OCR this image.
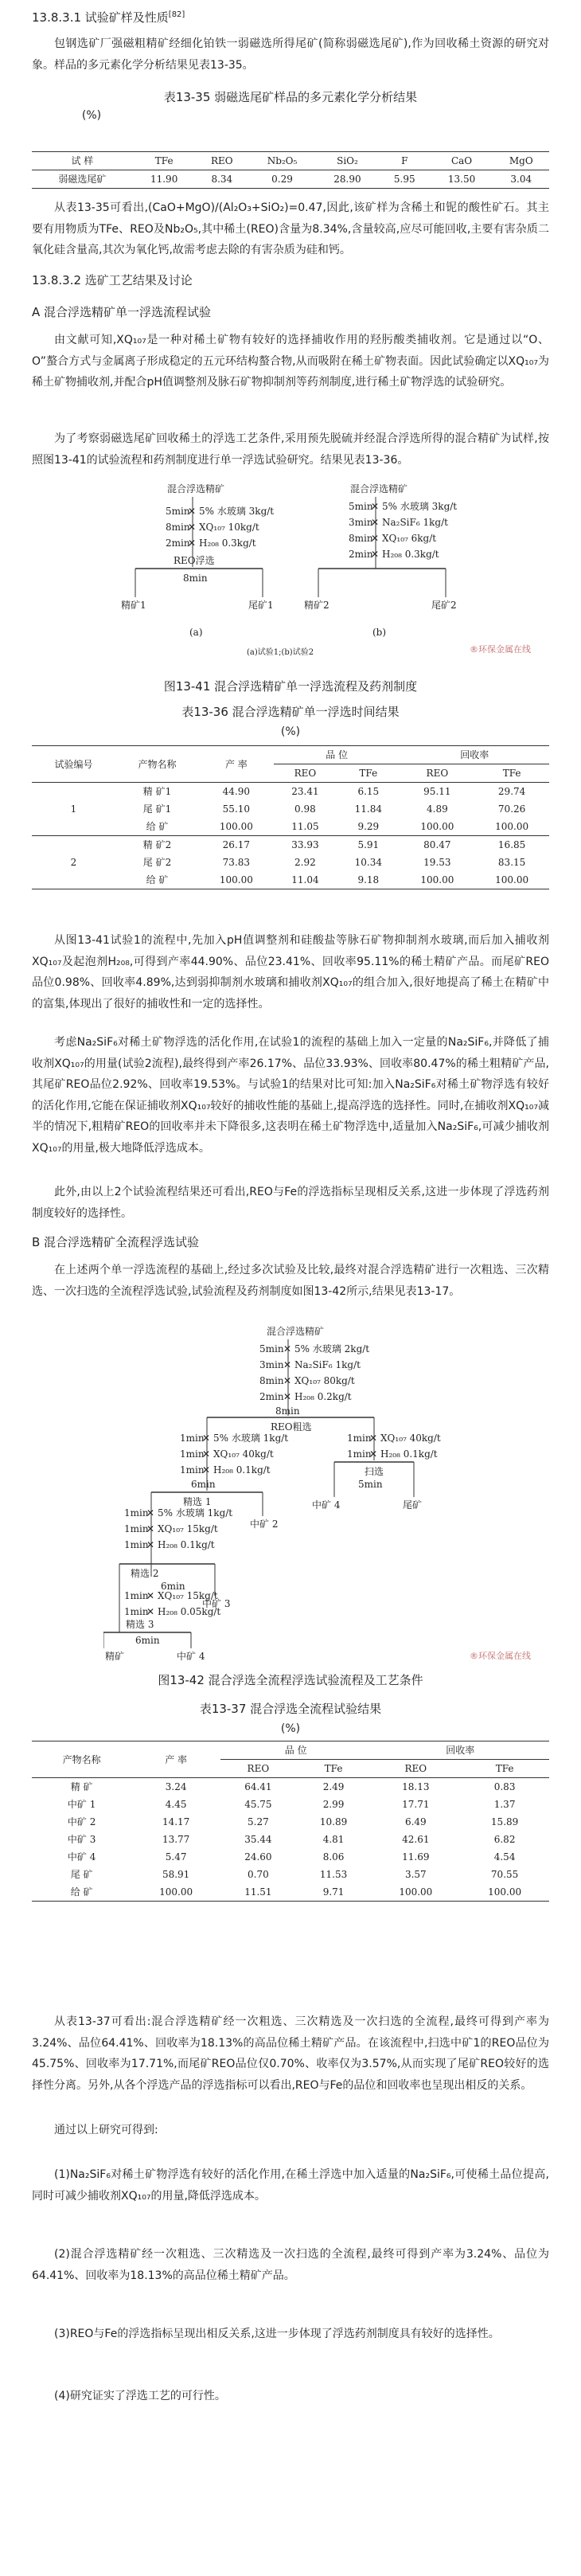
13.8.3.1 试验矿样及性质[82]

包钢选矿厂强磁粗精矿经细化铂铁一弱磁选所得尾矿(简称弱磁选尾矿),作为回收稀土资源的研究对象。样品的多元素化学分析结果见表13-35。

表13-35 弱磁选尾矿样品的多元素化学分析结果
(%)
试 样	TFe	REO	Nb₂O₅	SiO₂	F	CaO	MgO
弱磁选尾矿	11.90	8.34	0.29	28.90	5.95	13.50	3.04

从表13-35可看出,(CaO+MgO)/(Al₂O₃+SiO₂)=0.47,因此,该矿样为含稀土和铌的酸性矿石。其主要有用物质为TFe、REO及Nb₂O₅,其中稀土(REO)含量为8.34%,含量较高,应尽可能回收,主要有害杂质二氧化硅含量高,其次为氧化钙,故需考虑去除的有害杂质为硅和钙。

13.8.3.2 选矿工艺结果及讨论
A 混合浮选精矿单一浮选流程试验

由文献可知,XQ₁₀₇是一种对稀土矿物有较好的选择捕收作用的羟肟酸类捕收剂。它是通过以“O、O”螯合方式与金属离子形成稳定的五元环结构螯合物,从而吸附在稀土矿物表面。因此试验确定以XQ₁₀₇为稀土矿物捕收剂,并配合pH值调整剂及脉石矿物抑制剂等药剂制度,进行稀土矿物浮选的试验研究。

为了考察弱磁选尾矿回收稀土的浮选工艺条件,采用预先脱硫并经混合浮选所得的混合精矿为试样,按照图13-41的试验流程和药剂制度进行单一浮选试验研究。结果见表13-36。

混合浮选精矿
5min
✕ 5% 水玻璃 3kg/t
8min
✕ XQ₁₀₇ 10kg/t
2min
✕ H₂₀₈ 0.3kg/t
REO浮选
8min
精矿1	尾矿1
(a)
混合浮选精矿
5min
✕ 5% 水玻璃 3kg/t
3min
✕ Na₂SiF₆ 1kg/t
8min
✕ XQ₁₀₇ 6kg/t
2min
✕ H₂₀₈ 0.3kg/t
精矿2	尾矿2
(b)
(a)试验1;(b)试验2	®环保金属在线
图13-41 混合浮选精矿单一浮选流程及药剂制度
表13-36 混合浮选精矿单一浮选时间结果
(%)
试验编号	产物名称	产 率	品 位		回收率	
			REO	TFe	REO	TFe
1	精 矿1	44.90	23.41	6.15	95.11	29.74
	尾 矿1	55.10	0.98	11.84	4.89	70.26
	给 矿	100.00	11.05	9.29	100.00	100.00
2	精 矿2	26.17	33.93	5.91	80.47	16.85
	尾 矿2	73.83	2.92	10.34	19.53	83.15
	给 矿	100.00	11.04	9.18	100.00	100.00

从图13-41试验1的流程中,先加入pH值调整剂和硅酸盐等脉石矿物抑制剂水玻璃,而后加入捕收剂XQ₁₀₇及起泡剂H₂₀₈,可得到产率44.90%、品位23.41%、回收率95.11%的稀土精矿产品。而尾矿REO品位0.98%、回收率4.89%,达到弱抑制剂水玻璃和捕收剂XQ₁₀₇的组合加入,很好地提高了稀土在精矿中的富集,体现出了很好的捕收性和一定的选择性。

考虑Na₂SiF₆对稀土矿物浮选的活化作用,在试验1的流程的基础上加入一定量的Na₂SiF₆,并降低了捕收剂XQ₁₀₇的用量(试验2流程),最终得到产率26.17%、品位33.93%、回收率80.47%的稀土粗精矿产品,其尾矿REO品位2.92%、回收率19.53%。与试验1的结果对比可知:加入Na₂SiF₆对稀土矿物浮选有较好的活化作用,它能在保证捕收剂XQ₁₀₇较好的捕收性能的基础上,提高浮选的选择性。同时,在捕收剂XQ₁₀₇减半的情况下,粗精矿REO的回收率并未下降很多,这表明在稀土矿物浮选中,适量加入Na₂SiF₆,可减少捕收剂XQ₁₀₇的用量,极大地降低浮选成本。

此外,由以上2个试验流程结果还可看出,REO与Fe的浮选指标呈现相反关系,这进一步体现了浮选药剂制度较好的选择性。

B 混合浮选精矿全流程浮选试验

在上述两个单一浮选流程的基础上,经过多次试验及比较,最终对混合浮选精矿进行一次粗选、三次精选、一次扫选的全流程浮选试验,试验流程及药剂制度如图13-42所示,结果见表13-17。

混合浮选精矿
5min ✕ 5% 水玻璃 2kg/t
3min ✕ Na₂SiF₆ 1kg/t
8min ✕ XQ₁₀₇ 80kg/t
2min ✕ H₂₀₈ 0.2kg/t
8min
REO粗选
1min
✕ 5% 水玻璃 1kg/t
1min
✕ XQ₁₀₇ 40kg/t
1min
✕ H₂₀₈ 0.1kg/t
1min
✕ XQ₁₀₇ 40kg/t
1min
✕ H₂₀₈ 0.1kg/t
扫选
5min
中矿 4	尾矿
6min
精选 1
中矿 2
1min
✕ 5% 水玻璃 1kg/t
1min
✕ XQ₁₀₇ 15kg/t
1min
✕ H₂₀₈ 0.1kg/t
精选 2
6min
中矿 3
1min
✕ XQ₁₀₇ 15kg/t
1min
✕ H₂₀₈ 0.05kg/t
精选 3
6min
精矿	中矿 4	®环保金属在线
图13-42 混合浮选全流程浮选试验流程及工艺条件
表13-37 混合浮选全流程试验结果
(%)
产物名称	产 率	品 位		回收率	
		REO	TFe	REO	TFe
精 矿	3.24	64.41	2.49	18.13	0.83
中矿 1	4.45	45.75	2.99	17.71	1.37
中矿 2	14.17	5.27	10.89	6.49	15.89
中矿 3	13.77	35.44	4.81	42.61	6.82
中矿 4	5.47	24.60	8.06	11.69	4.54
尾 矿	58.91	0.70	11.53	3.57	70.55
给 矿	100.00	11.51	9.71	100.00	100.00

从表13-37可看出:混合浮选精矿经一次粗选、三次精选及一次扫选的全流程,最终可得到产率为3.24%、品位64.41%、回收率为18.13%的高品位稀土精矿产品。在该流程中,扫选中矿1的REO品位为45.75%、回收率为17.71%,而尾矿REO品位仅0.70%、收率仅为3.57%,从而实现了尾矿REO较好的选择性分离。另外,从各个浮选产品的浮选指标可以看出,REO与Fe的品位和回收率也呈现出相反的关系。

通过以上研究可得到:

(1)Na₂SiF₆对稀土矿物浮选有较好的活化作用,在稀土浮选中加入适量的Na₂SiF₆,可使稀土品位提高,同时可减少捕收剂XQ₁₀₇的用量,降低浮选成本。

(2)混合浮选精矿经一次粗选、三次精选及一次扫选的全流程,最终可得到产率为3.24%、品位为64.41%、回收率为18.13%的高品位稀土精矿产品。

(3)REO与Fe的浮选指标呈现出相反关系,这进一步体现了浮选药剂制度具有较好的选择性。

(4)研究证实了浮选工艺的可行性。
